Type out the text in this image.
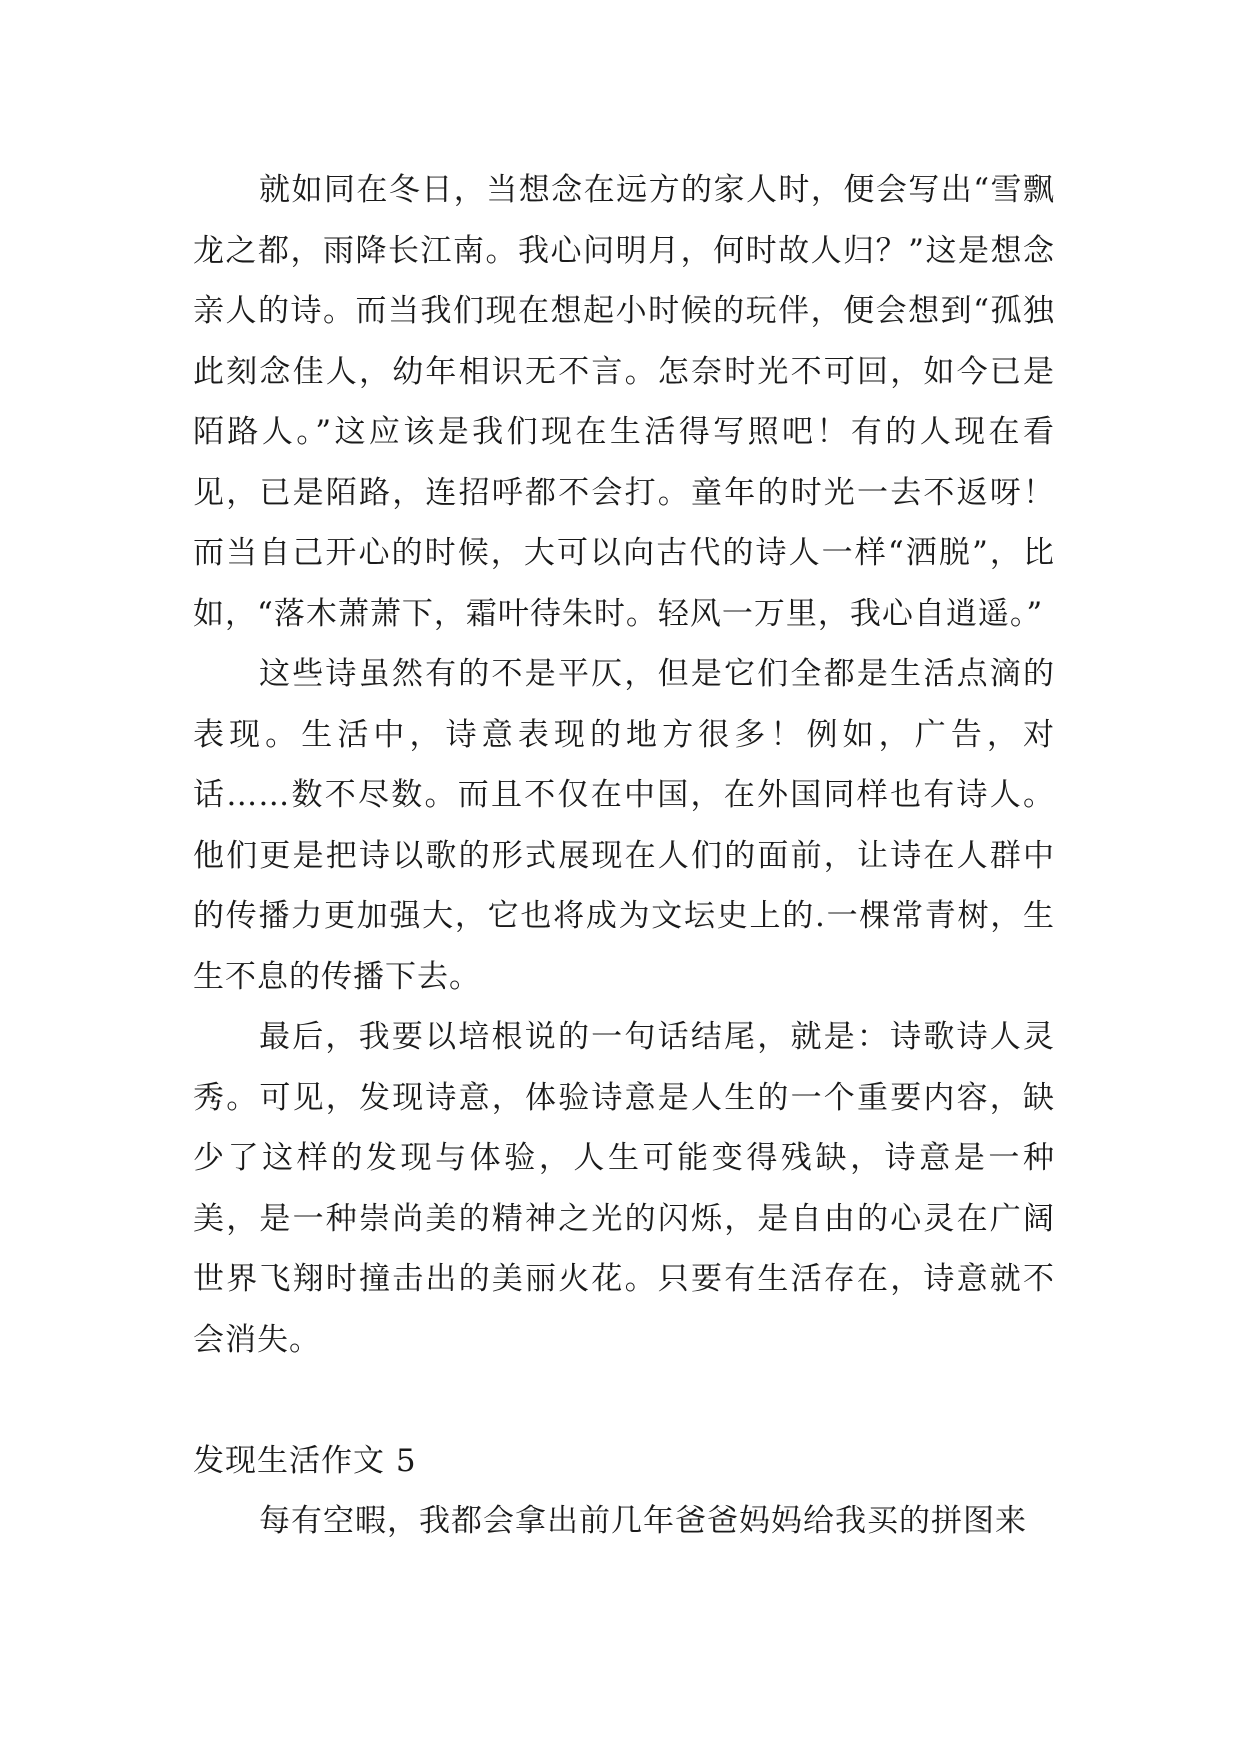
就如同在冬日，当想念在远方的家人时，便会写出“雪飘龙之都，雨降长江南。我心问明月，何时故人归？”这是想念亲人的诗。而当我们现在想起小时候的玩伴，便会想到“孤独此刻念佳人，幼年相识无不言。怎奈时光不可回，如今已是陌路人。”这应该是我们现在生活得写照吧！有的人现在看见，已是陌路，连招呼都不会打。童年的时光一去不返呀！而当自己开心的时候，大可以向古代的诗人一样“洒脱”，比如，“落木萧萧下，霜叶待朱时。轻风一万里，我心自逍遥。”

这些诗虽然有的不是平仄，但是它们全都是生活点滴的表现。生活中，诗意表现的地方很多！例如，广告，对话……数不尽数。而且不仅在中国，在外国同样也有诗人。他们更是把诗以歌的形式展现在人们的面前，让诗在人群中的传播力更加强大，它也将成为文坛史上的.一棵常青树，生生不息的传播下去。

最后，我要以培根说的一句话结尾，就是：诗歌诗人灵秀。可见，发现诗意，体验诗意是人生的一个重要内容，缺少了这样的发现与体验，人生可能变得残缺，诗意是一种美，是一种崇尚美的精神之光的闪烁，是自由的心灵在广阔世界飞翔时撞击出的美丽火花。只要有生活存在，诗意就不会消失。

发现生活作文 5

每有空暇，我都会拿出前几年爸爸妈妈给我买的拼图来
